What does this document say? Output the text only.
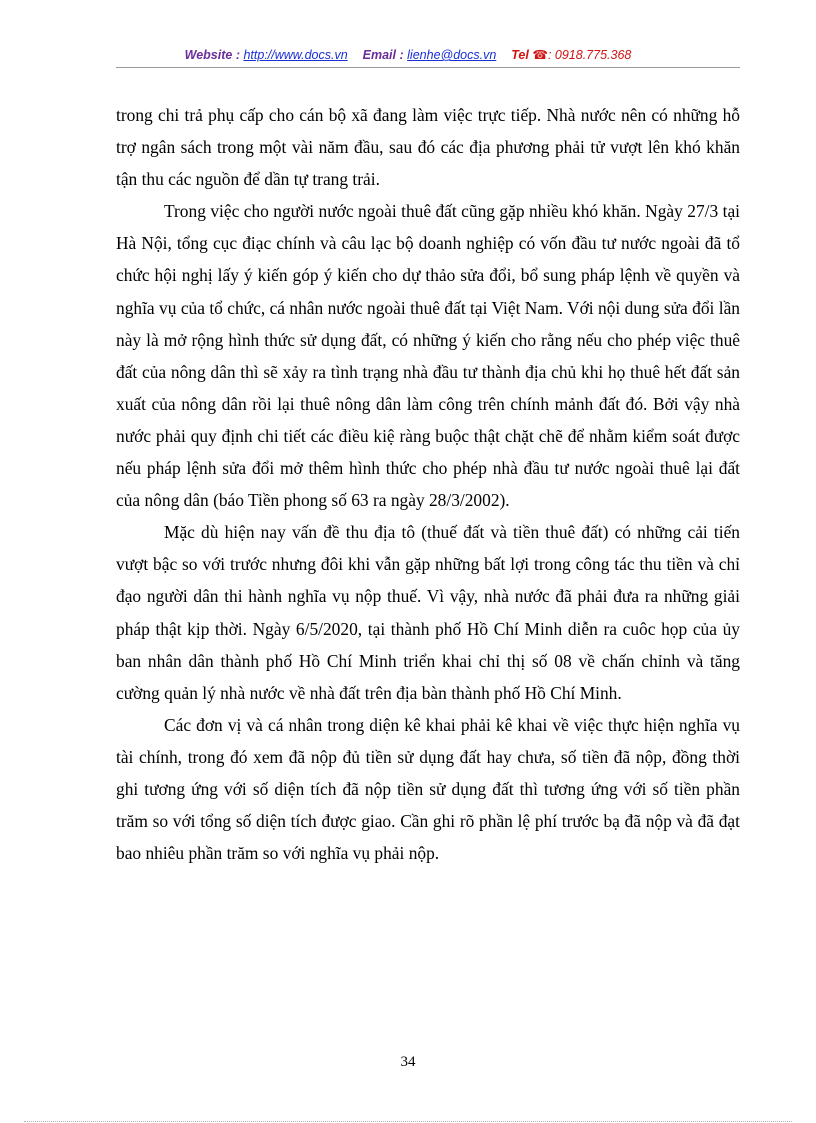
Website : http://www.docs.vn Email : lienhe@docs.vn Tel ☎: 0918.775.368

trong chi trả phụ cấp cho cán bộ xã đang làm việc trực tiếp. Nhà nước nên có những hỗ trợ ngân sách trong một vài năm đầu, sau đó các địa phương phải tử vượt lên khó khăn tận thu các nguồn để dần tự trang trải.

Trong việc cho người nước ngoài thuê đất cũng gặp nhiều khó khăn. Ngày 27/3 tại Hà Nội, tổng cục điạc chính và câu lạc bộ doanh nghiệp có vốn đầu tư nước ngoài đã tổ chức hội nghị lấy ý kiến góp ý kiến cho dự thảo sửa đổi, bổ sung pháp lệnh về quyền và nghĩa vụ của tổ chức, cá nhân nước ngoài thuê đất tại Việt Nam. Với nội dung sửa đổi lần này là mở rộng hình thức sử dụng đất, có những ý kiến cho rằng nếu cho phép việc thuê đất của nông dân thì sẽ xảy ra tình trạng nhà đầu tư thành địa chủ khi họ thuê hết đất sản xuất của nông dân rồi lại thuê nông dân làm công trên chính mảnh đất đó. Bởi vậy nhà nước phải quy định chi tiết các điều kiệ ràng buộc thật chặt chẽ để nhằm kiểm soát được nếu pháp lệnh sửa đổi mở thêm hình thức cho phép nhà đầu tư nước ngoài thuê lại đất của nông dân (báo Tiền phong số 63 ra ngày 28/3/2002).

Mặc dù hiện nay vấn đề thu địa tô (thuế đất và tiền thuê đất) có những cải tiến vượt bậc so với trước nhưng đôi khi vẫn gặp những bất lợi trong công tác thu tiền và chỉ đạo người dân thi hành nghĩa vụ nộp thuế. Vì vậy, nhà nước đã phải đưa ra những giải pháp thật kịp thời. Ngày 6/5/2020, tại thành phố Hồ Chí Minh diễn ra cuôc họp của ủy ban nhân dân thành phố Hồ Chí Minh triển khai chỉ thị số 08 về chấn chỉnh và tăng cường quản lý nhà nước về nhà đất trên địa bàn thành phố Hồ Chí Minh.

Các đơn vị và cá nhân trong diện kê khai phải kê khai về việc thực hiện nghĩa vụ tài chính, trong đó xem đã nộp đủ tiền sử dụng đất hay chưa, số tiền đã nộp, đồng thời ghi tương ứng với số diện tích đã nộp tiền sử dụng đất thì tương ứng với số tiền phần trăm so với tổng số diện tích được giao. Cần ghi rõ phần lệ phí trước bạ đã nộp và đã đạt bao nhiêu phần trăm so với nghĩa vụ phải nộp.

34
